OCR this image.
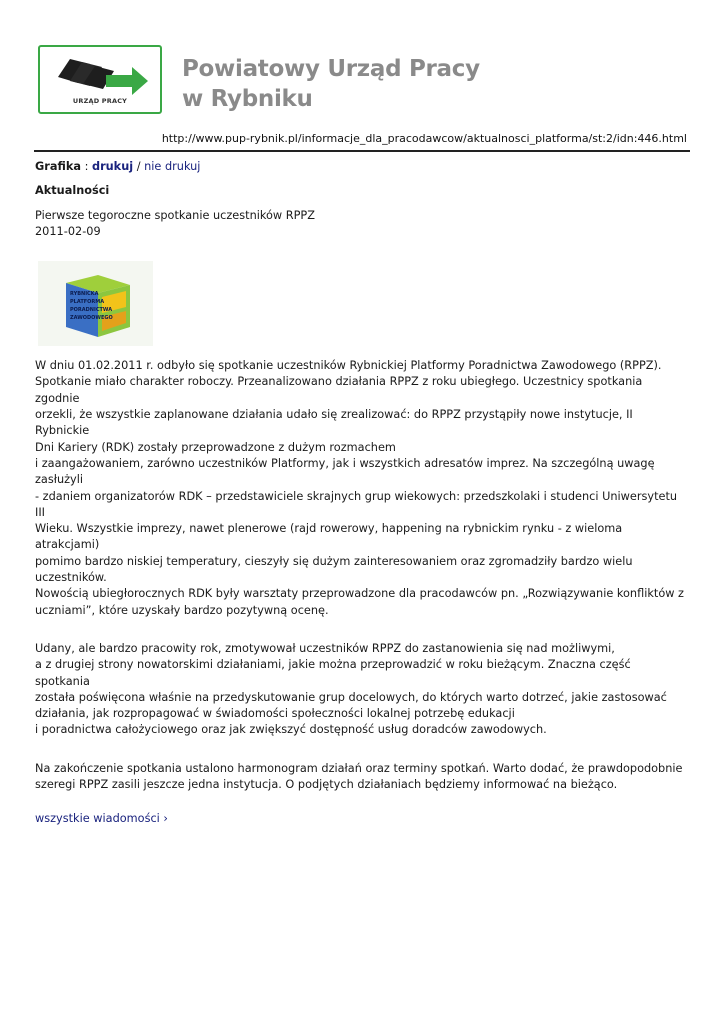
URZĄD PRACY
Powiatowy Urząd Pracy
w Rybniku
http://www.pup-rybnik.pl/informacje_dla_pracodawcow/aktualnosci_platforma/st:2/idn:446.html
Grafika : drukuj / nie drukuj
Aktualności
Pierwsze tegoroczne spotkanie uczestników RPPZ
2011-02-09
RYBNICKA
PLATFORMA
PORADNICTWA
ZAWODOWEGO
W dniu 01.02.2011 r. odbyło się spotkanie uczestników Rybnickiej Platformy Poradnictwa Zawodowego (RPPZ).
Spotkanie miało charakter roboczy. Przeanalizowano działania RPPZ z roku ubiegłego. Uczestnicy spotkania zgodnie
orzekli, że wszystkie zaplanowane działania udało się zrealizować: do RPPZ przystąpiły nowe instytucje, II Rybnickie
Dni Kariery (RDK) zostały przeprowadzone z dużym rozmachem
i zaangażowaniem, zarówno uczestników Platformy, jak i wszystkich adresatów imprez. Na szczególną uwagę zasłużyli
- zdaniem organizatorów RDK – przedstawiciele skrajnych grup wiekowych: przedszkolaki i studenci Uniwersytetu III
Wieku. Wszystkie imprezy, nawet plenerowe (rajd rowerowy, happening na rybnickim rynku - z wieloma atrakcjami)
pomimo bardzo niskiej temperatury, cieszyły się dużym zainteresowaniem oraz zgromadziły bardzo wielu uczestników.
Nowością ubiegłorocznych RDK były warsztaty przeprowadzone dla pracodawców pn. „Rozwiązywanie konfliktów z
uczniami”, które uzyskały bardzo pozytywną ocenę.
Udany, ale bardzo pracowity rok, zmotywował uczestników RPPZ do zastanowienia się nad możliwymi,
a z drugiej strony nowatorskimi działaniami, jakie można przeprowadzić w roku bieżącym. Znaczna część spotkania
została poświęcona właśnie na przedyskutowanie grup docelowych, do których warto dotrzeć, jakie zastosować
działania, jak rozpropagować w świadomości społeczności lokalnej potrzebę edukacji
i poradnictwa całożyciowego oraz jak zwiększyć dostępność usług doradców zawodowych.
Na zakończenie spotkania ustalono harmonogram działań oraz terminy spotkań. Warto dodać, że prawdopodobnie
szeregi RPPZ zasili jeszcze jedna instytucja. O podjętych działaniach będziemy informować na bieżąco.
wszystkie wiadomości ›
